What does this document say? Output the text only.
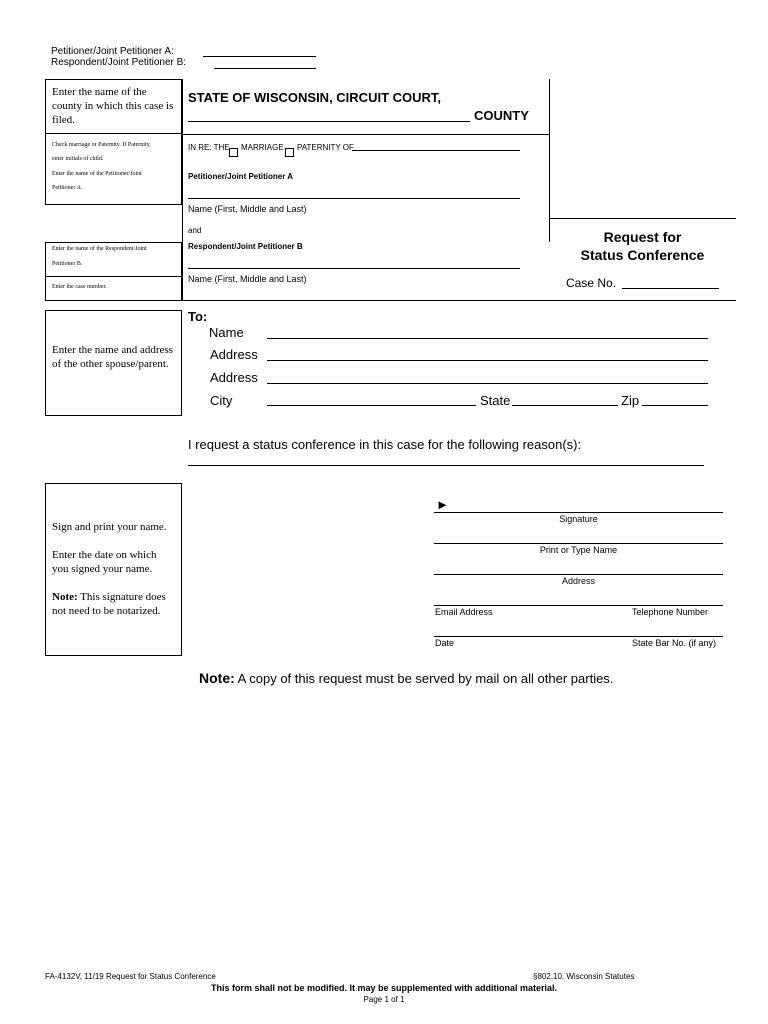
Petitioner/Joint Petitioner A:
Respondent/Joint Petitioner B:
Enter the name of the county in which this case is filed.
Check marriage or Paternity. If Paternity,
enter initials of child.
Enter the name of the Petitioner/Joint
Petitioner A.
Enter the name of the Respondent/Joint
Petitioner B.
Enter the case number.
STATE OF WISCONSIN, CIRCUIT COURT,
COUNTY
IN RE: THE MARRIAGE PATERNITY OF
Petitioner/Joint Petitioner A
Name (First, Middle and Last)
and
Respondent/Joint Petitioner B
Name (First, Middle and Last)
Request for
Status Conference
Case No.
Enter the name and address of the other spouse/parent.
To:
Name
Address
Address
City	State	Zip
I request a status conference in this case for the following reason(s):
Sign and print your name.
Enter the date on which you signed your name.
Note: This signature does not need to be notarized.
►
Signature
Print or Type Name
Address
Email Address	Telephone Number
Date	State Bar No. (if any)
Note: A copy of this request must be served by mail on all other parties.
FA-4132V, 11/19 Request for Status Conference	§802.10, Wisconsin Statutes
This form shall not be modified. It may be supplemented with additional material.
Page 1 of 1
